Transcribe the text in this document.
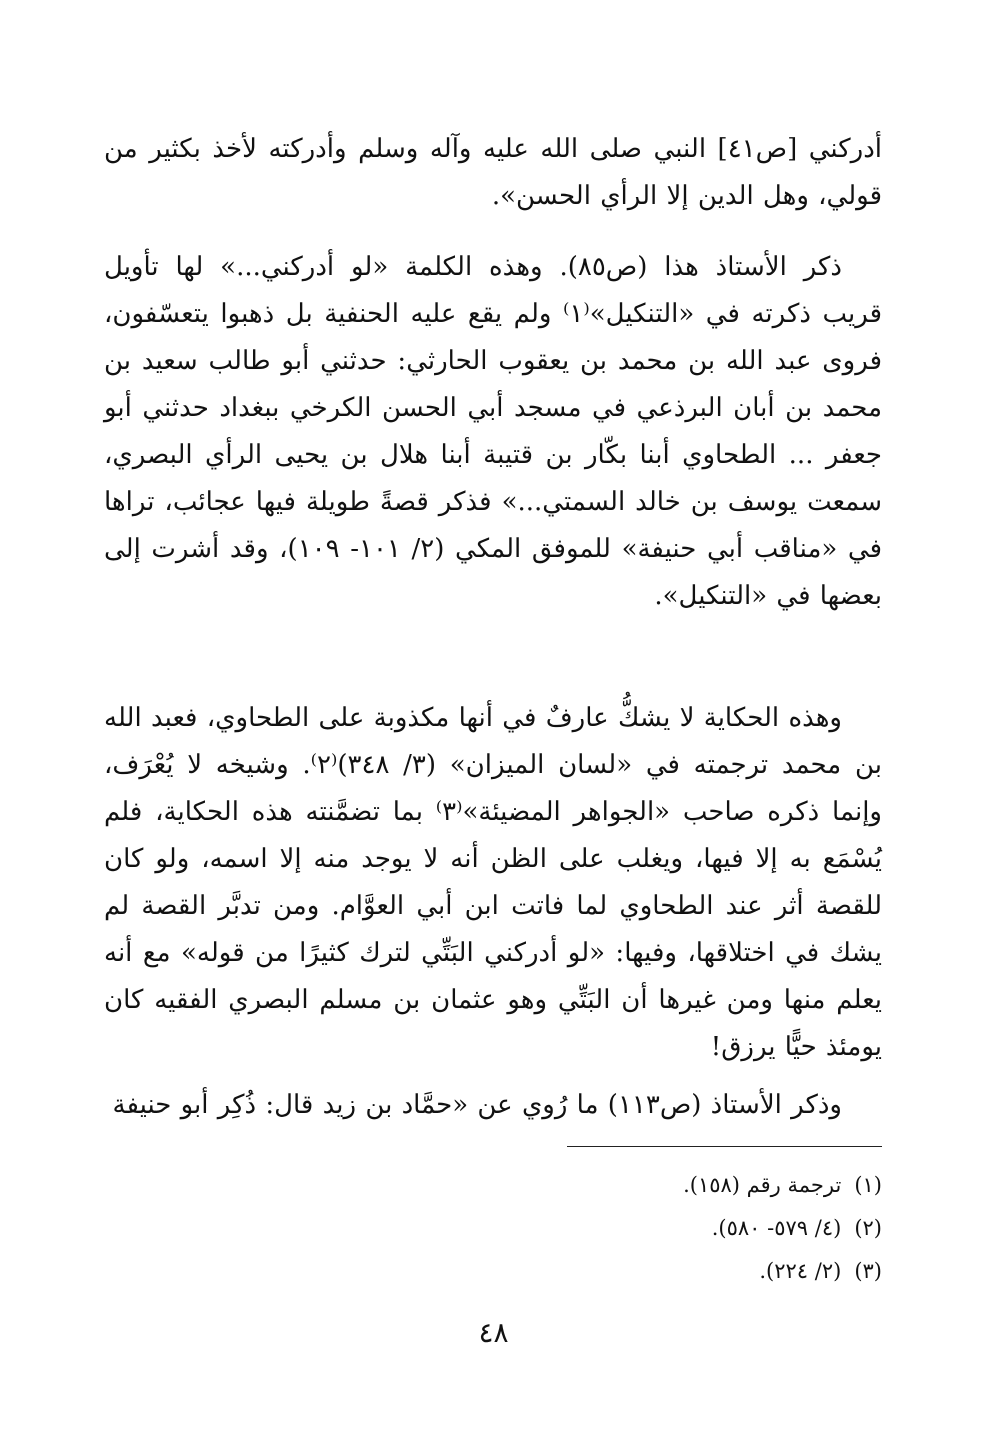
أدركني [ص٤١] النبي صلى الله عليه وآله وسلم وأدركته لأخذ بكثير من قولي، وهل الدين إلا الرأي الحسن».

ذكر الأستاذ هذا (ص٨٥). وهذه الكلمة «لو أدركني...» لها تأويل قريب ذكرته في «التنكيل»⁽١⁾ ولم يقع عليه الحنفية بل ذهبوا يتعسّفون، فروى عبد الله بن محمد بن يعقوب الحارثي: حدثني أبو طالب سعيد بن محمد بن أبان البرذعي في مسجد أبي الحسن الكرخي ببغداد حدثني أبو جعفر ... الطحاوي أبنا بكّار بن قتيبة أبنا هلال بن يحيى الرأي البصري، سمعت يوسف بن خالد السمتي...» فذكر قصةً طويلة فيها عجائب، تراها في «مناقب أبي حنيفة» للموفق المكي (٢/ ١٠١- ١٠٩)، وقد أشرت إلى بعضها في «التنكيل».

وهذه الحكاية لا يشكُّ عارفٌ في أنها مكذوبة على الطحاوي، فعبد الله بن محمد ترجمته في «لسان الميزان» (٣/ ٣٤٨)⁽٢⁾. وشيخه لا يُعْرَف، وإنما ذكره صاحب «الجواهر المضيئة»⁽٣⁾ بما تضمَّنته هذه الحكاية، فلم يُسْمَع به إلا فيها، ويغلب على الظن أنه لا يوجد منه إلا اسمه، ولو كان للقصة أثر عند الطحاوي لما فاتت ابن أبي العوَّام. ومن تدبَّر القصة لم يشك في اختلاقها، وفيها: «لو أدركني البَتِّي لترك كثيرًا من قوله» مع أنه يعلم منها ومن غيرها أن البَتِّي وهو عثمان بن مسلم البصري الفقيه كان يومئذ حيًّا يرزق!

وذكر الأستاذ (ص١١٣) ما رُوي عن «حمَّاد بن زيد قال: ذُكِر أبو حنيفة

(١) ترجمة رقم (١٥٨).
(٢) (٤/ ٥٧٩- ٥٨٠).
(٣) (٢/ ٢٢٤).
٤٨
